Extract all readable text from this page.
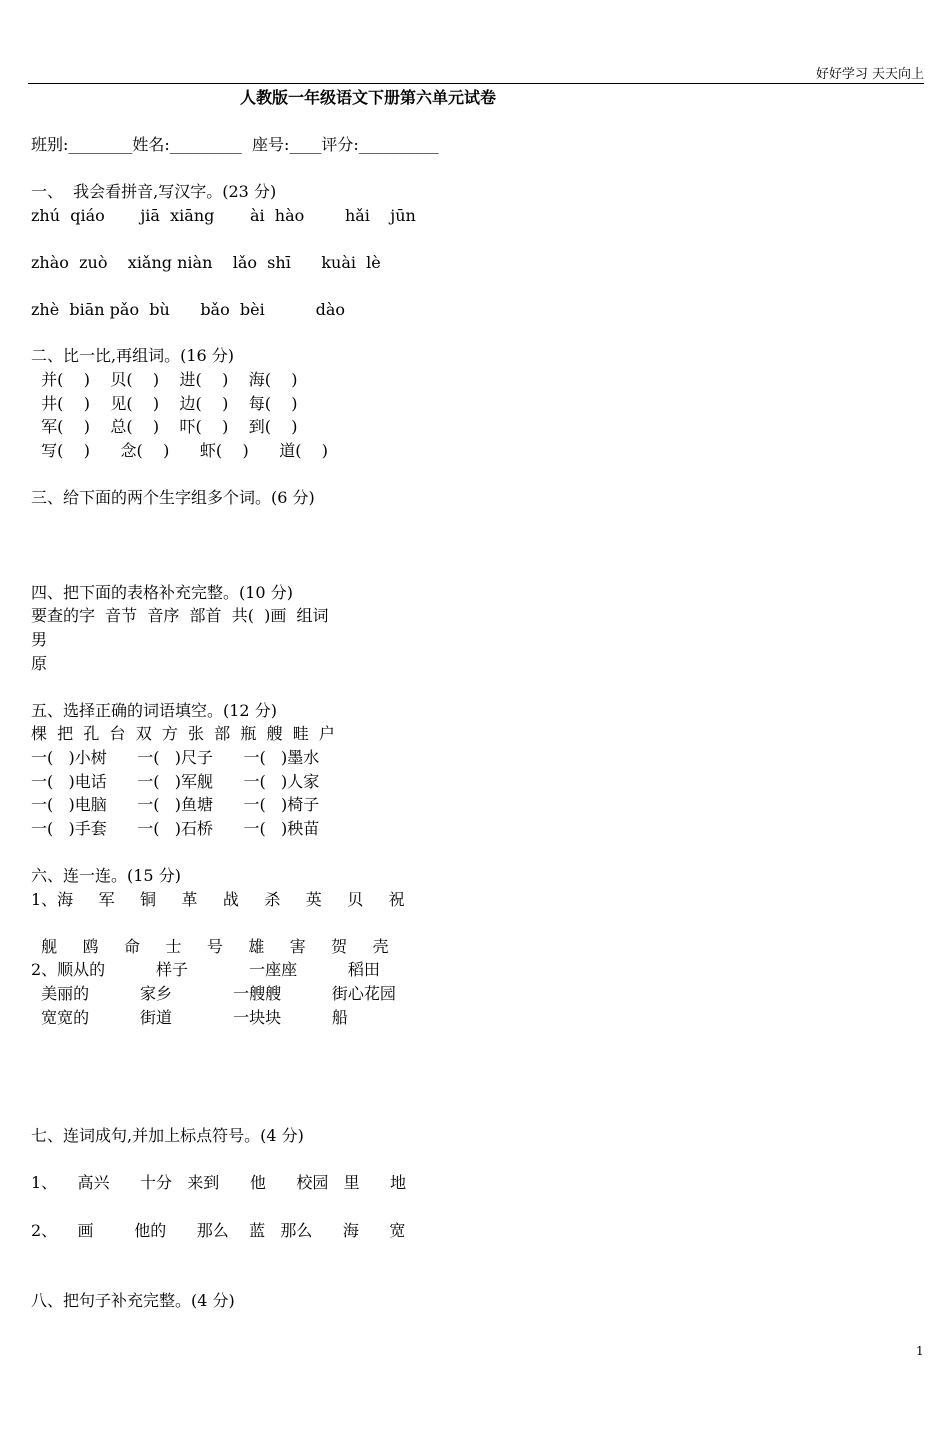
好好学习 天天向上
人教版一年级语文下册第六单元试卷
班别:________姓名:_________  座号:____评分:__________
一、  我会看拼音,写汉字。(23 分)
zhú  qiáo       jiā  xiāng       ài  hào        hǎi    jūn
zhào  zuò    xiǎng niàn    lǎo  shī      kuài  lè
zhè  biān pǎo  bù      bǎo  bèi          dào
二、比一比,再组词。(16 分)
并(    )    贝(    )    进(    )    海(    )
井(    )    见(    )    边(    )    每(    )
军(    )    总(    )    吓(    )    到(    )
写(    )      念(    )      虾(    )      道(    )
三、给下面的两个生字组多个词。(6 分)
四、把下面的表格补充完整。(10 分)
要查的字  音节  音序  部首  共(  )画  组词
男
原
五、选择正确的词语填空。(12 分)
棵  把  孔  台  双  方  张  部  瓶  艘  畦  户
一(   )小树      一(   )尺子      一(   )墨水
一(   )电话      一(   )军舰      一(   )人家
一(   )电脑      一(   )鱼塘      一(   )椅子
一(   )手套      一(   )石桥      一(   )秧苗
六、连一连。(15 分)
1、海     军     铜     革     战     杀     英     贝     祝
舰     鸥     命     士     号     雄     害     贺     壳
2、顺从的          样子            一座座          稻田
美丽的          家乡            一艘艘          街心花园
宽宽的          街道            一块块          船
七、连词成句,并加上标点符号。(4 分)
1、    高兴      十分   来到      他      校园   里      地
2、    画        他的      那么    蓝   那么      海      宽
八、把句子补充完整。(4 分)
1
